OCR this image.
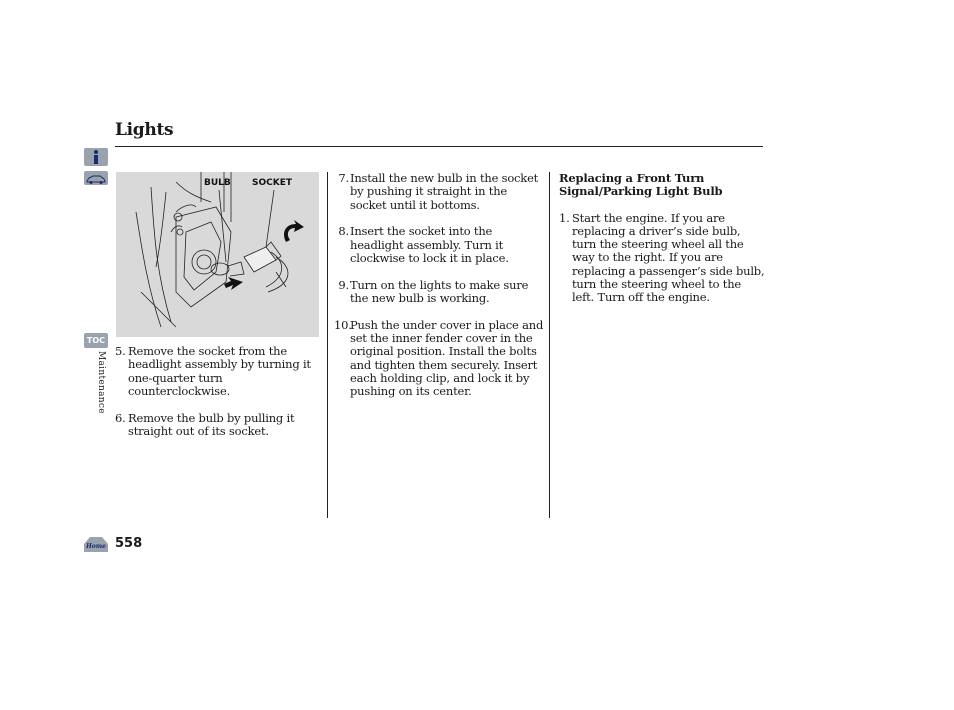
Lights
TOC
Maintenance
BULB SOCKET
5. Remove the socket from the headlight assembly by turning it one-quarter turn counterclockwise.
6. Remove the bulb by pulling it straight out of its socket.
7. Install the new bulb in the socket by pushing it straight in the socket until it bottoms.
8. Insert the socket into the headlight assembly. Turn it clockwise to lock it in place.
9. Turn on the lights to make sure the new bulb is working.
10.
Push the under cover in place and set the inner fender cover in the original position. Install the bolts and tighten them securely. Insert each holding clip, and lock it by pushing on its center.
Replacing a Front Turn Signal/Parking Light Bulb
1. Start the engine. If you are replacing a driver’s side bulb, turn the steering wheel all the way to the right. If you are replacing a passenger’s side bulb, turn the steering wheel to the left. Turn off the engine.
Home 558
